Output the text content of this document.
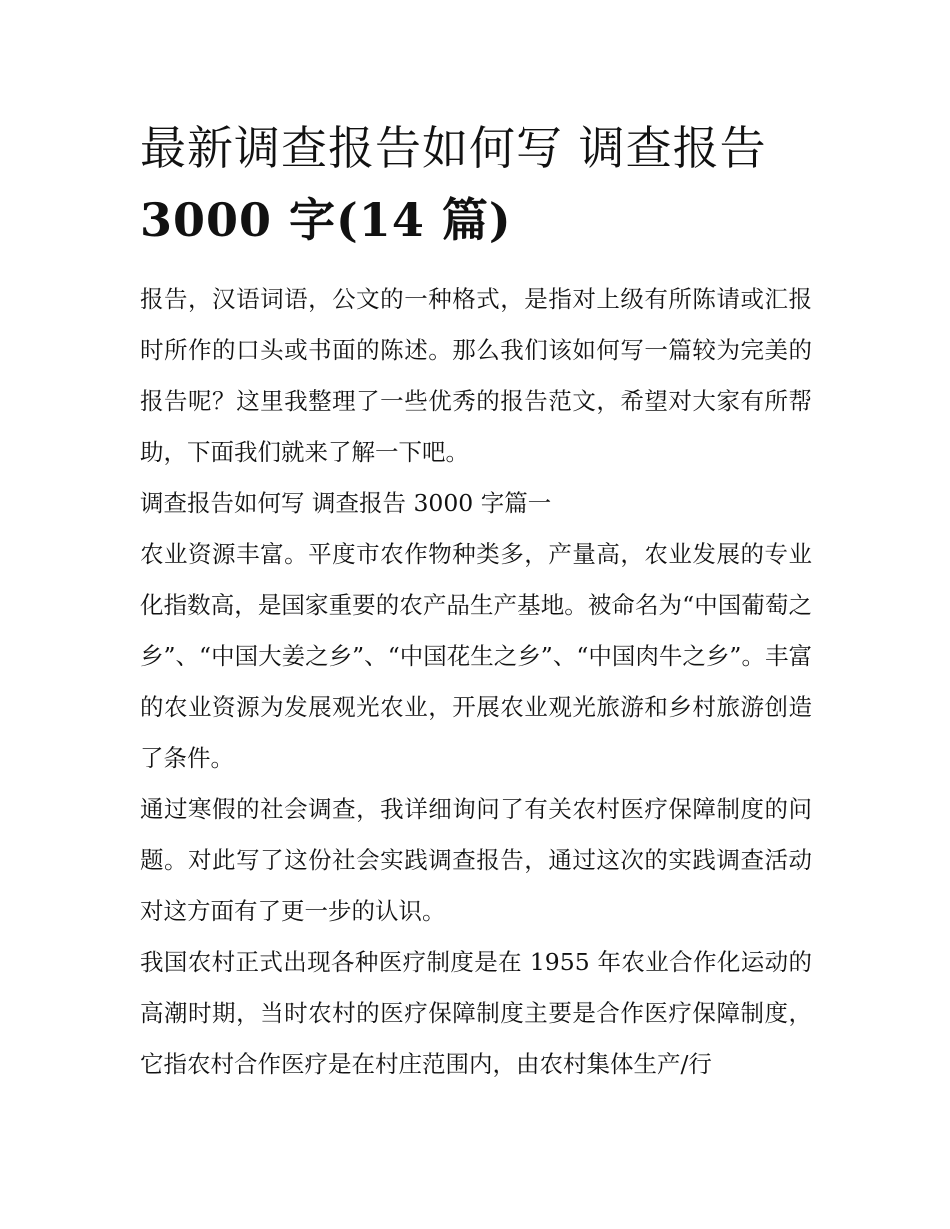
最新调查报告如何写 调查报告
3000 字(14 篇)

报告，汉语词语，公文的一种格式，是指对上级有所陈请或汇报时所作的口头或书面的陈述。那么我们该如何写一篇较为完美的报告呢？这里我整理了一些优秀的报告范文，希望对大家有所帮助，下面我们就来了解一下吧。

调查报告如何写 调查报告 3000 字篇一

农业资源丰富。平度市农作物种类多，产量高，农业发展的专业化指数高，是国家重要的农产品生产基地。被命名为“中国葡萄之乡”、“中国大姜之乡”、“中国花生之乡”、“中国肉牛之乡”。丰富的农业资源为发展观光农业，开展农业观光旅游和乡村旅游创造了条件。

通过寒假的社会调查，我详细询问了有关农村医疗保障制度的问题。对此写了这份社会实践调查报告，通过这次的实践调查活动对这方面有了更一步的认识。

我国农村正式出现各种医疗制度是在 1955 年农业合作化运动的高潮时期，当时农村的医疗保障制度主要是合作医疗保障制度，它指农村合作医疗是在村庄范围内，由农村集体生产/行
